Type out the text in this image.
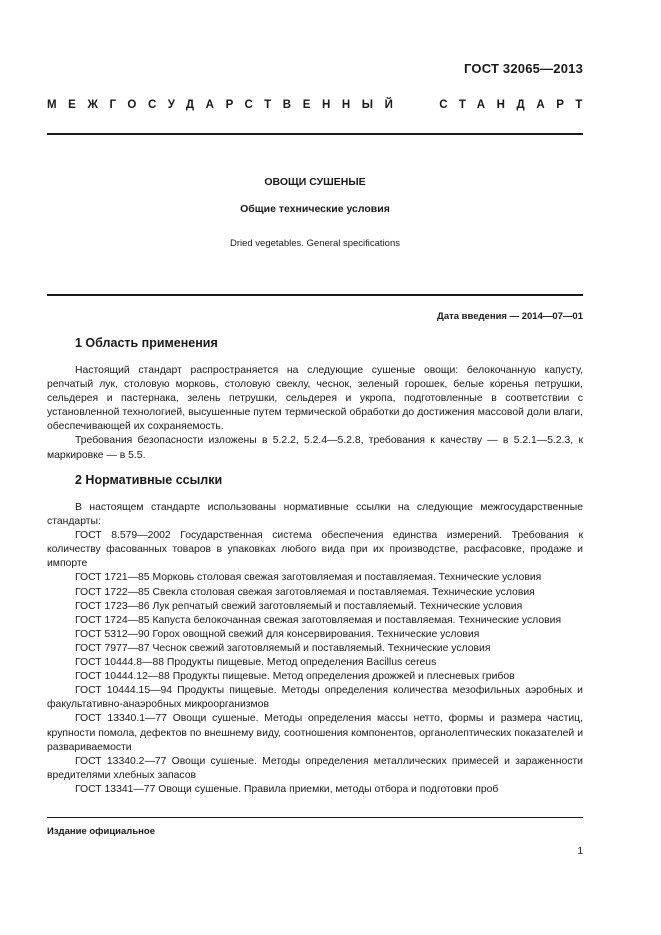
ГОСТ 32065—2013
МЕЖГОСУДАРСТВЕННЫЙ	СТАНДАРТ
ОВОЩИ СУШЕНЫЕ
Общие технические условия
Dried vegetables. General specifications
Дата введения — 2014—07—01
1 Область применения

Настоящий стандарт распространяется на следующие сушеные овощи: белокочанную капусту, репчатый лук, столовую морковь, столовую свеклу, чеснок, зеленый горошек, белые коренья петрушки, сельдерея и пастернака, зелень петрушки, сельдерея и укропа, подготовленные в соответствии с установленной технологией, высушенные путем термической обработки до достижения массовой доли влаги, обеспечивающей их сохраняемость.

Требования безопасности изложены в 5.2.2, 5.2.4—5.2.8, требования к качеству — в 5.2.1—5.2.3, к маркировке — в 5.5.

2 Нормативные ссылки

В настоящем стандарте использованы нормативные ссылки на следующие межгосударственные стандарты:

ГОСТ 8.579—2002 Государственная система обеспечения единства измерений. Требования к количеству фасованных товаров в упаковках любого вида при их производстве, расфасовке, продаже и импорте

ГОСТ 1721—85 Морковь столовая свежая заготовляемая и поставляемая. Технические условия

ГОСТ 1722—85 Свекла столовая свежая заготовляемая и поставляемая. Технические условия

ГОСТ 1723—86 Лук репчатый свежий заготовляемый и поставляемый. Технические условия

ГОСТ 1724—85 Капуста белокочанная свежая заготовляемая и поставляемая. Технические условия

ГОСТ 5312—90 Горох овощной свежий для консервирования. Технические условия

ГОСТ 7977—87 Чеснок свежий заготовляемый и поставляемый. Технические условия

ГОСТ 10444.8—88 Продукты пищевые. Метод определения Bacillus cereus

ГОСТ 10444.12—88 Продукты пищевые. Метод определения дрожжей и плесневых грибов

ГОСТ 10444.15—94 Продукты пищевые. Методы определения количества мезофильных аэробных и факультативно-анаэробных микроорганизмов

ГОСТ 13340.1—77 Овощи сушеные. Методы определения массы нетто, формы и размера частиц, крупности помола, дефектов по внешнему виду, соотношения компонентов, органолептических показателей и развариваемости

ГОСТ 13340.2—77 Овощи сушеные. Методы определения металлических примесей и зараженности вредителями хлебных запасов

ГОСТ 13341—77 Овощи сушеные. Правила приемки, методы отбора и подготовки проб

Издание официальное
1
